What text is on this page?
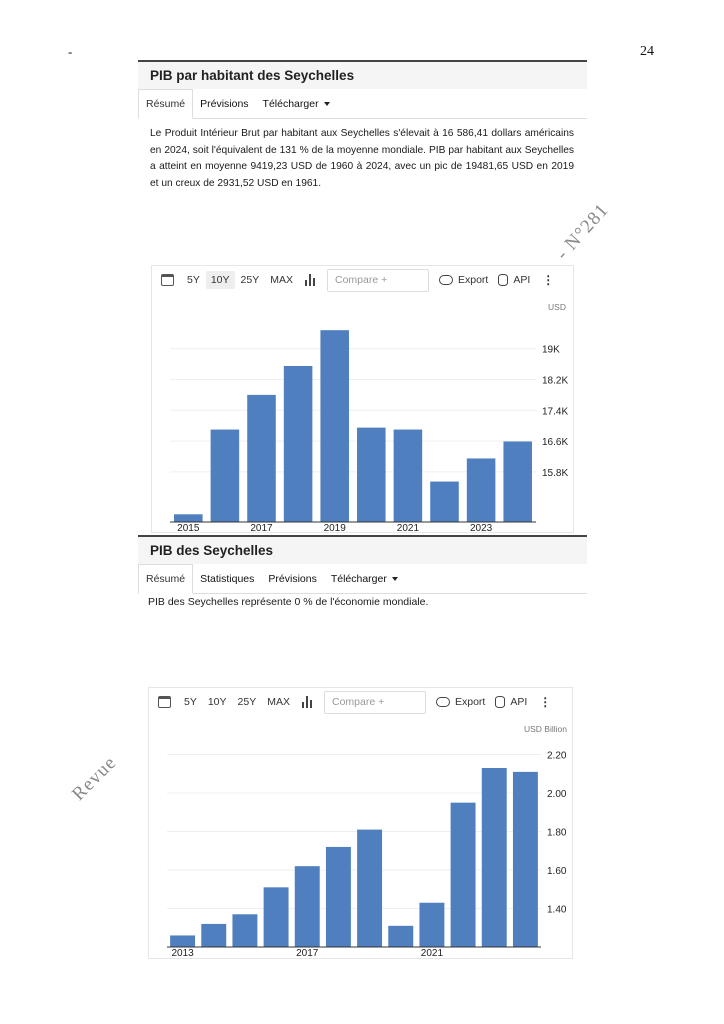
-	24
PIB par habitant des Seychelles
Résumé	Prévisions	Télécharger
Le Produit Intérieur Brut par habitant aux Seychelles s'élevait à 16 586,41 dollars américains en 2024, soit l'équivalent de 131 % de la moyenne mondiale. PIB par habitant aux Seychelles a atteint en moyenne 9419,23 USD de 1960 à 2024, avec un pic de 19481,65 USD en 2019 et un creux de 2931,52 USD en 1961.
- N°281
5Y	10Y	25Y	MAX	Compare +	Export API ⋮
15.8K
16.6K
17.4K
18.2K
19K
USD
2015	2017	2019	2021	2023
PIB des Seychelles
Résumé	Statistiques	Prévisions	Télécharger
PIB des Seychelles représente 0 % de l'économie mondiale.
Revue
5Y	10Y	25Y	MAX	Compare +	Export API ⋮
1.40
1.60
1.80
2.00
2.20
USD Billion
2013	2017	2021
